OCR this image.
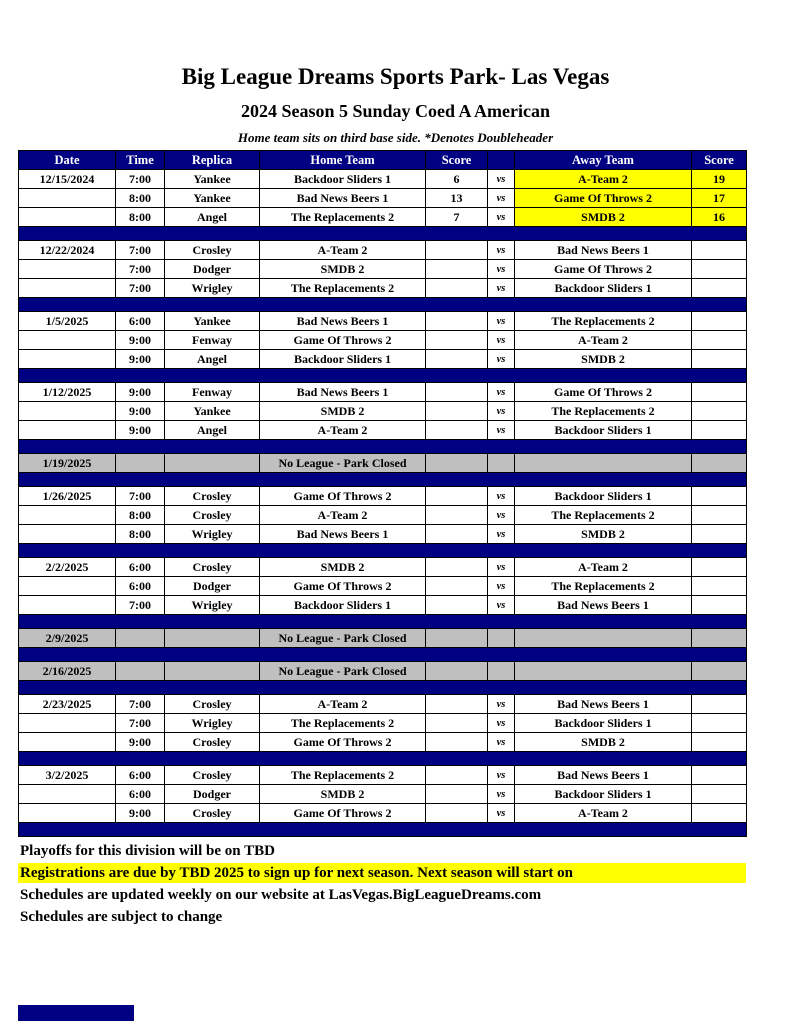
Big League Dreams Sports Park- Las Vegas
2024 Season 5 Sunday Coed A American
Home team sits on third base side. *Denotes Doubleheader
Date	Time	Replica	Home Team	Score		Away Team	Score
12/15/2024	7:00	Yankee	Backdoor Sliders 1	6	vs	A-Team 2	19
	8:00	Yankee	Bad News Beers 1	13	vs	Game Of Throws 2	17
	8:00	Angel	The Replacements 2	7	vs	SMDB 2	16

12/22/2024	7:00	Crosley	A-Team 2		vs	Bad News Beers 1	
	7:00	Dodger	SMDB 2		vs	Game Of Throws 2	
	7:00	Wrigley	The Replacements 2		vs	Backdoor Sliders 1	

1/5/2025	6:00	Yankee	Bad News Beers 1		vs	The Replacements 2	
	9:00	Fenway	Game Of Throws 2		vs	A-Team 2	
	9:00	Angel	Backdoor Sliders 1		vs	SMDB 2	

1/12/2025	9:00	Fenway	Bad News Beers 1		vs	Game Of Throws 2	
	9:00	Yankee	SMDB 2		vs	The Replacements 2	
	9:00	Angel	A-Team 2		vs	Backdoor Sliders 1	

1/19/2025			No League - Park Closed				

1/26/2025	7:00	Crosley	Game Of Throws 2		vs	Backdoor Sliders 1	
	8:00	Crosley	A-Team 2		vs	The Replacements 2	
	8:00	Wrigley	Bad News Beers 1		vs	SMDB 2	

2/2/2025	6:00	Crosley	SMDB 2		vs	A-Team 2	
	6:00	Dodger	Game Of Throws 2		vs	The Replacements 2	
	7:00	Wrigley	Backdoor Sliders 1		vs	Bad News Beers 1	

2/9/2025			No League - Park Closed				

2/16/2025			No League - Park Closed				

2/23/2025	7:00	Crosley	A-Team 2		vs	Bad News Beers 1	
	7:00	Wrigley	The Replacements 2		vs	Backdoor Sliders 1	
	9:00	Crosley	Game Of Throws 2		vs	SMDB 2	

3/2/2025	6:00	Crosley	The Replacements 2		vs	Bad News Beers 1	
	6:00	Dodger	SMDB 2		vs	Backdoor Sliders 1	
	9:00	Crosley	Game Of Throws 2		vs	A-Team 2	

Playoffs for this division will be on TBD
Registrations are due by TBD 2025 to sign up for next season. Next season will start on
Schedules are updated weekly on our website at LasVegas.BigLeagueDreams.com
Schedules are subject to change
